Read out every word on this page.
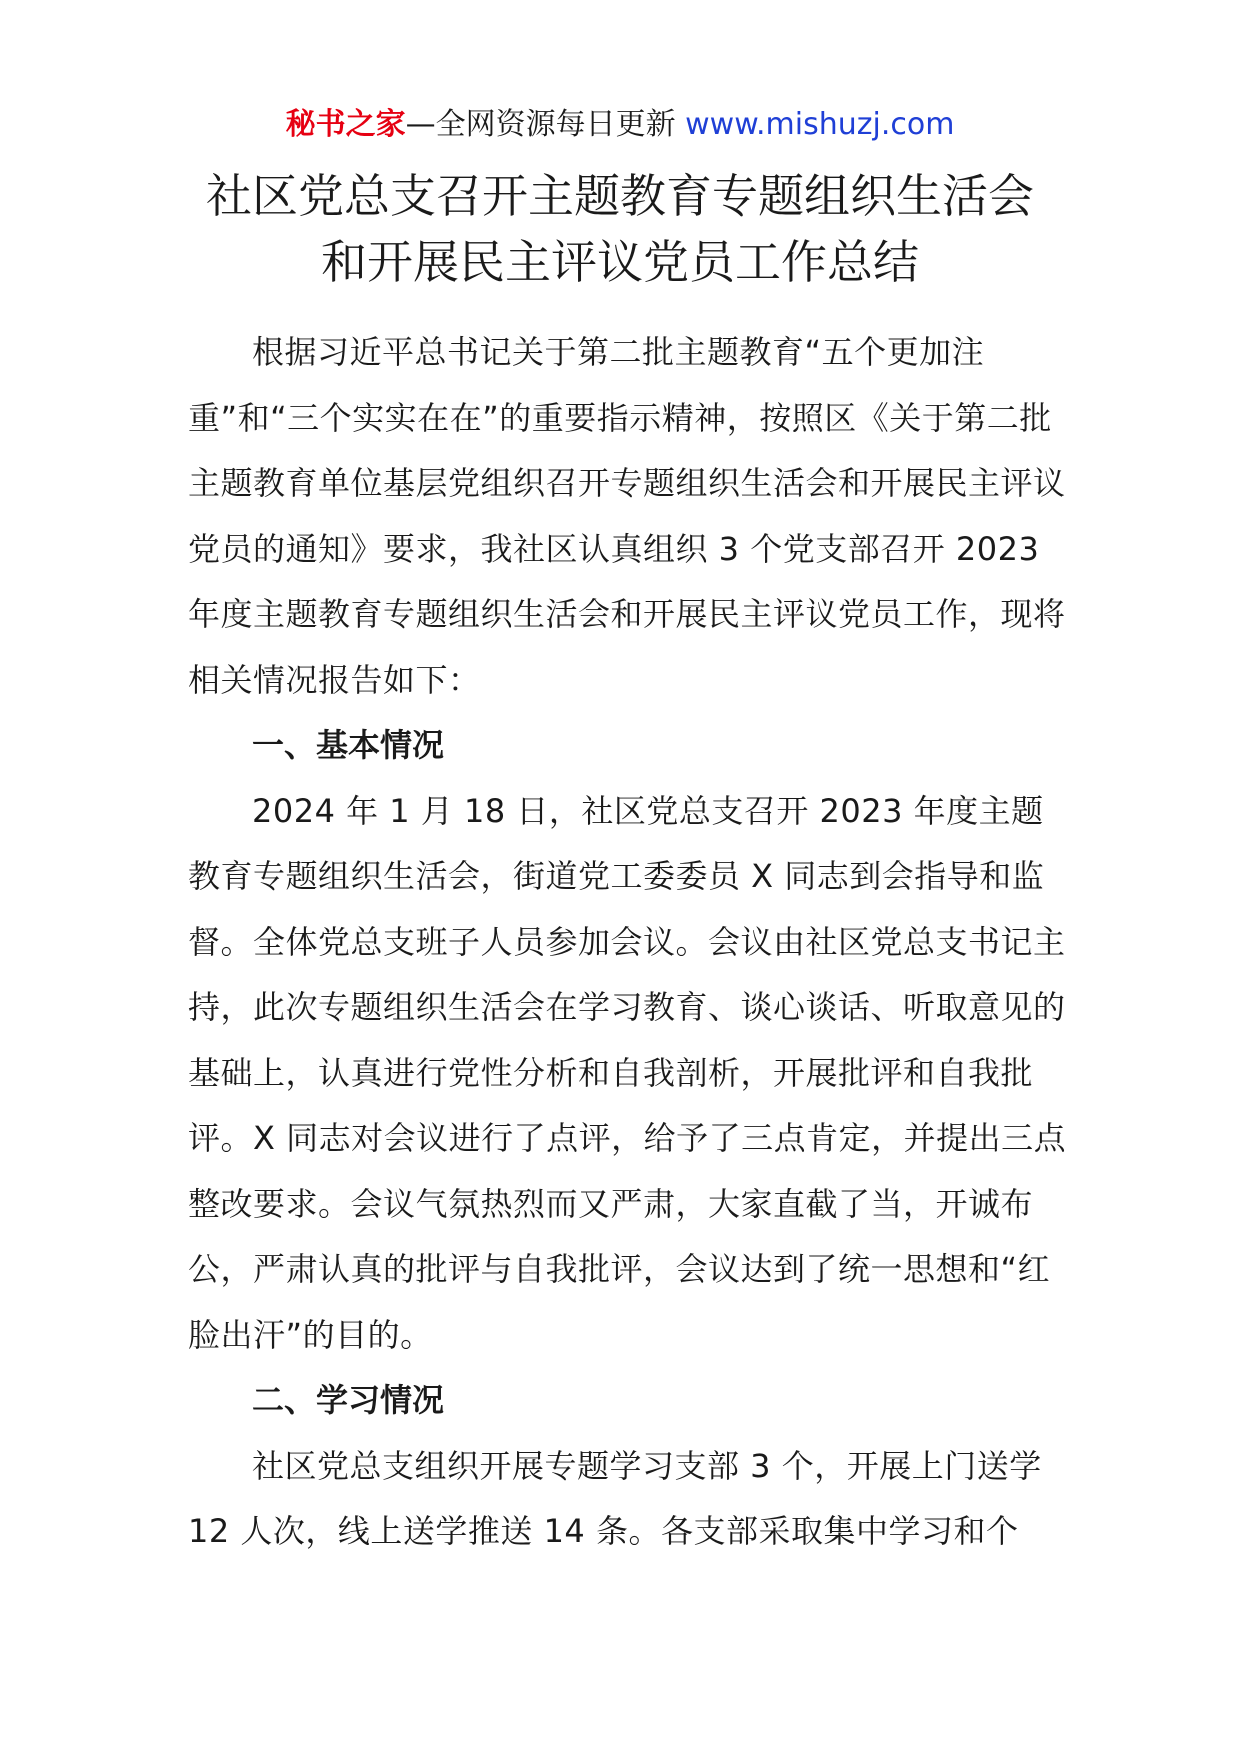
秘书之家—全网资源每日更新 www.mishuzj.com
社区党总支召开主题教育专题组织生活会
和开展民主评议党员工作总结

根据习近平总书记关于第二批主题教育“五个更加注重”和“三个实实在在”的重要指示精神，按照区《关于第二批主题教育单位基层党组织召开专题组织生活会和开展民主评议党员的通知》要求，我社区认真组织 3 个党支部召开 2023 年度主题教育专题组织生活会和开展民主评议党员工作，现将相关情况报告如下：

一、基本情况

2024 年 1 月 18 日，社区党总支召开 2023 年度主题教育专题组织生活会，街道党工委委员 X 同志到会指导和监督。全体党总支班子人员参加会议。会议由社区党总支书记主持，此次专题组织生活会在学习教育、谈心谈话、听取意见的基础上，认真进行党性分析和自我剖析，开展批评和自我批评。X 同志对会议进行了点评，给予了三点肯定，并提出三点整改要求。会议气氛热烈而又严肃，大家直截了当，开诚布公，严肃认真的批评与自我批评，会议达到了统一思想和“红脸出汗”的目的。

二、学习情况

社区党总支组织开展专题学习支部 3 个，开展上门送学 12 人次，线上送学推送 14 条。各支部采取集中学习和个
